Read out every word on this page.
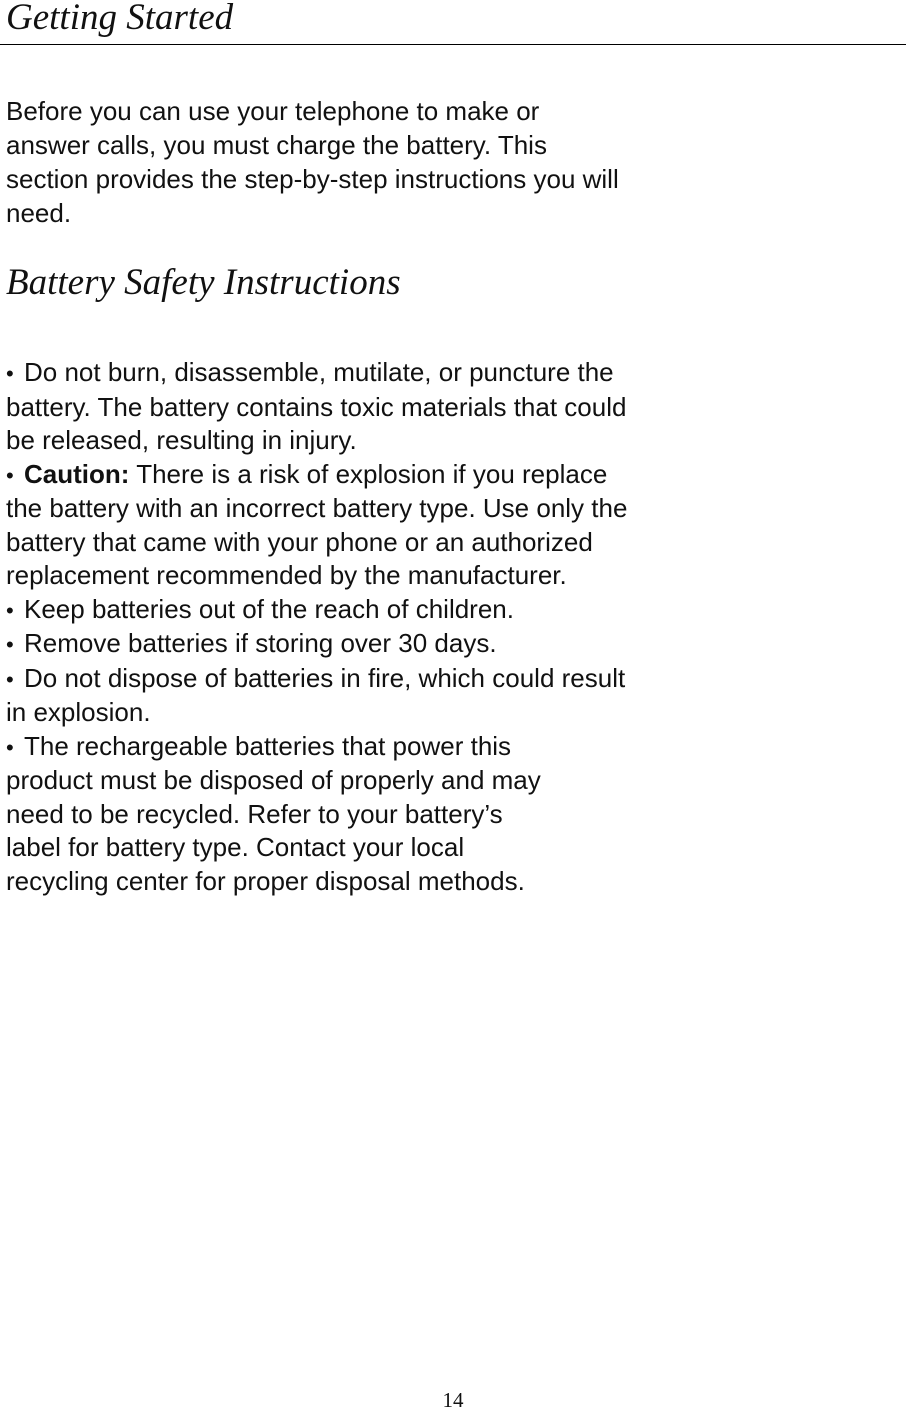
Getting Started

Before you can use your telephone to make or
answer calls, you must charge the battery. This
section provides the step-by-step instructions you will
need.

Battery Safety Instructions
• Do not burn, disassemble, mutilate, or puncture the
battery. The battery contains toxic materials that could
be released, resulting in injury.
• Caution: There is a risk of explosion if you replace
the battery with an incorrect battery type. Use only the
battery that came with your phone or an authorized
replacement recommended by the manufacturer.
• Keep batteries out of the reach of children.
• Remove batteries if storing over 30 days.
• Do not dispose of batteries in fire, which could result
in explosion.
• The rechargeable batteries that power this
product must be disposed of properly and may
need to be recycled. Refer to your battery’s
label for battery type. Contact your local
recycling center for proper disposal methods.
14
